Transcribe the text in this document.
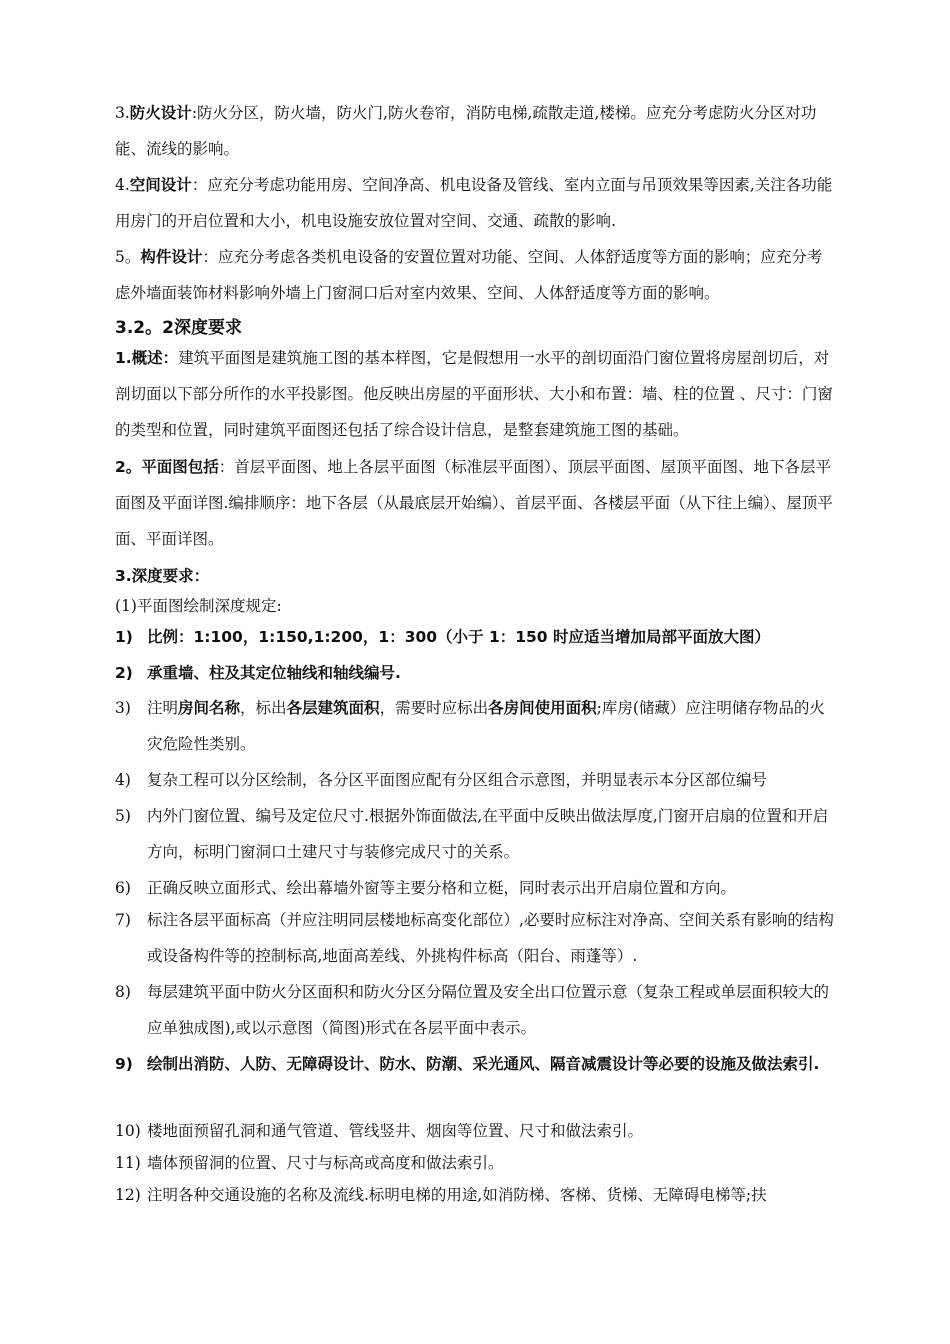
3.防火设计:防火分区，防火墙，防火门,防火卷帘，消防电梯,疏散走道,楼梯。应充分考虑防火分区对功能、流线的影响。

4.空间设计：应充分考虑功能用房、空间净高、机电设备及管线、室内立面与吊顶效果等因素,关注各功能用房门的开启位置和大小，机电设施安放位置对空间、交通、疏散的影响.

5。构件设计：应充分考虑各类机电设备的安置位置对功能、空间、人体舒适度等方面的影响；应充分考虑外墙面装饰材料影响外墙上门窗洞口后对室内效果、空间、人体舒适度等方面的影响。

3.2。2深度要求

1.概述：建筑平面图是建筑施工图的基本样图，它是假想用一水平的剖切面沿门窗位置将房屋剖切后，对剖切面以下部分所作的水平投影图。他反映出房屋的平面形状、大小和布置：墙、柱的位置 、尺寸：门窗的类型和位置，同时建筑平面图还包括了综合设计信息，是整套建筑施工图的基础。

2。平面图包括：首层平面图、地上各层平面图（标准层平面图）、顶层平面图、屋顶平面图、地下各层平面图及平面详图.编排顺序：地下各层（从最底层开始编）、首层平面、各楼层平面（从下往上编）、屋顶平面、平面详图。

3.深度要求：

(1)平面图绘制深度规定:

1) 比例：1:100，1:150,1:200，1：300（小于 1：150 时应适当增加局部平面放大图）
2) 承重墙、柱及其定位轴线和轴线编号.
3)	注明房间名称，标出各层建筑面积，需要时应标出各房间使用面积;库房(储藏）应注明储存物品的火灾危险性类别。
4)	复杂工程可以分区绘制，各分区平面图应配有分区组合示意图，并明显表示本分区部位编号
5)	内外门窗位置、编号及定位尺寸.根据外饰面做法,在平面中反映出做法厚度,门窗开启扇的位置和开启方向，标明门窗洞口土建尺寸与装修完成尺寸的关系。
6)	正确反映立面形式、绘出幕墙外窗等主要分格和立梃，同时表示出开启扇位置和方向。
7)	标注各层平面标高（并应注明同层楼地标高变化部位）,必要时应标注对净高、空间关系有影响的结构或设备构件等的控制标高,地面高差线、外挑构件标高（阳台、雨蓬等）.
8)	每层建筑平面中防火分区面积和防火分区分隔位置及安全出口位置示意（复杂工程或单层面积较大的应单独成图),或以示意图（简图)形式在各层平面中表示。
9) 绘制出消防、人防、无障碍设计、防水、防潮、采光通风、隔音减震设计等必要的设施及做法索引.
10) 楼地面预留孔洞和通气管道、管线竖井、烟囱等位置、尺寸和做法索引。
11) 墙体预留洞的位置、尺寸与标高或高度和做法索引。
12) 注明各种交通设施的名称及流线.标明电梯的用途,如消防梯、客梯、货梯、无障碍电梯等;扶
